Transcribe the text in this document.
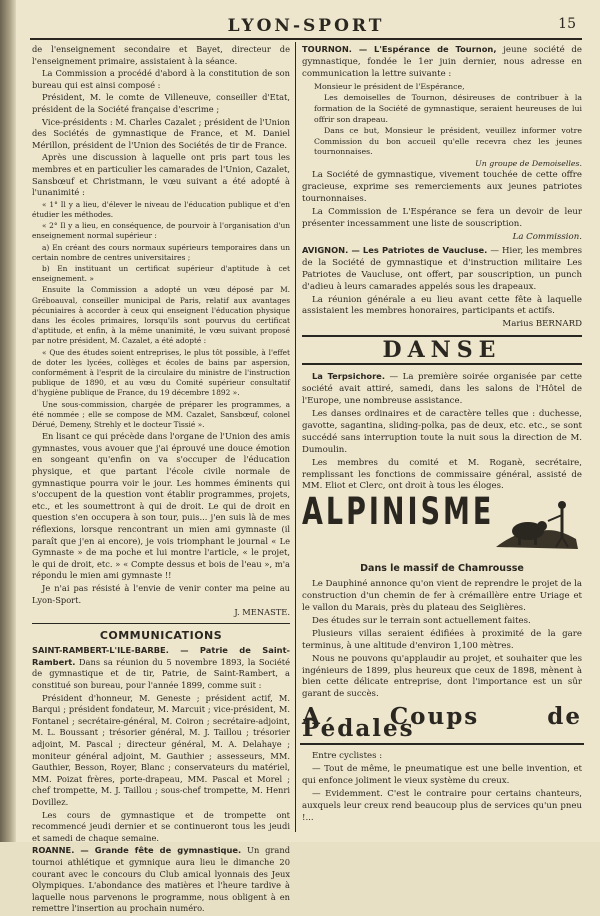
LYON-SPORT	15

de l'enseignement secondaire et Bayet, directeur de l'enseignement primaire, assistaient à la séance.

La Commission a procédé d'abord à la constitution de son bureau qui est ainsi composé :

Président, M. le comte de Villeneuve, conseiller d'Etat, président de la Société française d'escrime ;

Vice-présidents : M. Charles Cazalet ; président de l'Union des Sociétés de gymnastique de France, et M. Daniel Mérillon, président de l'Union des Sociétés de tir de France.

Après une discussion à laquelle ont pris part tous les membres et en particulier les camarades de l'Union, Cazalet, Sansbœuf et Christmann, le vœu suivant a été adopté à l'unanimité :

« 1° Il y a lieu, d'élever le niveau de l'éducation publique et d'en étudier les méthodes.

« 2° Il y a lieu, en conséquence, de pourvoir à l'organisation d'un enseignement normal supérieur :

a) En créant des cours normaux supérieurs temporaires dans un certain nombre de centres universitaires ;

b) En instituant un certificat supérieur d'aptitude à cet enseignement. »

Ensuite la Commission a adopté un vœu déposé par M. Gréboauval, conseiller municipal de Paris, relatif aux avantages pécuniaires à accorder à ceux qui enseignent l'éducation physique dans les écoles primaires, lorsqu'ils sont pourvus du certificat d'aptitude, et enfin, à la même unanimité, le vœu suivant proposé par notre président, M. Cazalet, a été adopté :

« Que des études soient entreprises, le plus tôt possible, à l'effet de doter les lycées, collèges et écoles de bains par aspersion, conformément à l'esprit de la circulaire du ministre de l'instruction publique de 1890, et au vœu du Comité supérieur consultatif d'hygiène publique de France, du 19 décembre 1892 ».

Une sous-commission, chargée de préparer les programmes, a été nommée ; elle se compose de MM. Cazalet, Sansbœuf, colonel Dérué, Demeny, Strehly et le docteur Tissié ».

En lisant ce qui précède dans l'organe de l'Union des amis gymnastes, vous avouer que j'ai éprouvé une douce émotion en songeant qu'enfin on va s'occuper de l'éducation physique, et que partant l'école civile normale de gymnastique pourra voir le jour. Les hommes éminents qui s'occupent de la question vont établir programmes, projets, etc., et les soumettront à qui de droit. Le qui de droit en question s'en occupera à son tour, puis... j'en suis là de mes réflexions, lorsque rencontrant un mien ami gymnaste (il paraît que j'en ai encore), je vois triomphant le journal « Le Gymnaste » de ma poche et lui montre l'article, « le projet, le qui de droit, etc. » « Compte dessus et bois de l'eau », m'a répondu le mien ami gymnaste !!

Je n'ai pas résisté à l'envie de venir conter ma peine au Lyon-Sport.

J. MENASTE.

COMMUNICATIONS

SAINT-RAMBERT-L'ILE-BARBE. — Patrie de Saint-Rambert. Dans sa réunion du 5 novembre 1893, la Société de gymnastique et de tir, Patrie, de Saint-Rambert, a constitué son bureau, pour l'année 1899, comme suit :

Président d'honneur, M. Geneste ; président actif, M. Barqui ; président fondateur, M. Marcuit ; vice-président, M. Fontanel ; secrétaire-général, M. Coiron ; secrétaire-adjoint, M. L. Boussant ; trésorier général, M. J. Taillou ; trésorier adjoint, M. Pascal ; directeur général, M. A. Delahaye ; moniteur général adjoint, M. Gauthier ; assesseurs, MM. Gauthier, Besson, Royer, Blanc ; conservateurs du matériel, MM. Poizat frères, porte-drapeau, MM. Pascal et Morel ; chef trompette, M. J. Taillou ; sous-chef trompette, M. Henri Dovillez.

Les cours de gymnastique et de trompette ont recommencé jeudi dernier et se continueront tous les jeudi et samedi de chaque semaine.

ROANNE. — Grande fête de gymnastique. Un grand tournoi athlétique et gymnique aura lieu le dimanche 20 courant avec le concours du Club amical lyonnais des Jeux Olympiques. L'abondance des matières et l'heure tardive à laquelle nous parvenons le programme, nous obligent à en remettre l'insertion au prochain numéro.

TOURNON. — L'Espérance de Tournon, jeune société de gymnastique, fondée le 1er juin dernier, nous adresse en communication la lettre suivante :

Monsieur le président de l'Espérance,

Les demoiselles de Tournon, désireuses de contribuer à la formation de la Société de gymnastique, seraient heureuses de lui offrir son drapeau.

Dans ce but, Monsieur le président, veuillez informer votre Commission du bon accueil qu'elle recevra chez les jeunes tournonnaises.

Un groupe de Demoiselles.

La Société de gymnastique, vivement touchée de cette offre gracieuse, exprime ses remerciements aux jeunes patriotes tournonnaises.

La Commission de L'Espérance se fera un devoir de leur présenter incessamment une liste de souscription.

La Commission.

AVIGNON. — Les Patriotes de Vaucluse. — Hier, les membres de la Société de gymnastique et d'instruction militaire Les Patriotes de Vaucluse, ont offert, par souscription, un punch d'adieu à leurs camarades appelés sous les drapeaux.

La réunion générale a eu lieu avant cette fête à laquelle assistaient les membres honoraires, participants et actifs.

Marius BERNARD

DANSE

La Terpsichore. — La première soirée organisée par cette société avait attiré, samedi, dans les salons de l'Hôtel de l'Europe, une nombreuse assistance.

Les danses ordinaires et de caractère telles que : duchesse, gavotte, sagantina, sliding-polka, pas de deux, etc. etc., se sont succédé sans interruption toute la nuit sous la direction de M. Dumoulin.

Les membres du comité et M. Roganè, secrétaire, remplissant les fonctions de commissaire général, assisté de MM. Eliot et Clerc, ont droit à tous les éloges.

ALPINISME
Dans le massif de Chamrousse

Le Dauphiné annonce qu'on vient de reprendre le projet de la construction d'un chemin de fer à crémaillère entre Uriage et le vallon du Marais, près du plateau des Seiglières.

Des études sur le terrain sont actuellement faites.

Plusieurs villas seraient édifiées à proximité de la gare terminus, à une altitude d'environ 1,100 mètres.

Nous ne pouvons qu'applaudir au projet, et souhaiter que les ingénieurs de 1899, plus heureux que ceux de 1898, mènent à bien cette délicate entreprise, dont l'importance est un sûr garant de succès.

A Coups de Pédales

Entre cyclistes :

— Tout de même, le pneumatique est une belle invention, et qui enfonce joliment le vieux système du creux.

— Evidemment. C'est le contraire pour certains chanteurs, auxquels leur creux rend beaucoup plus de services qu'un pneu !...
